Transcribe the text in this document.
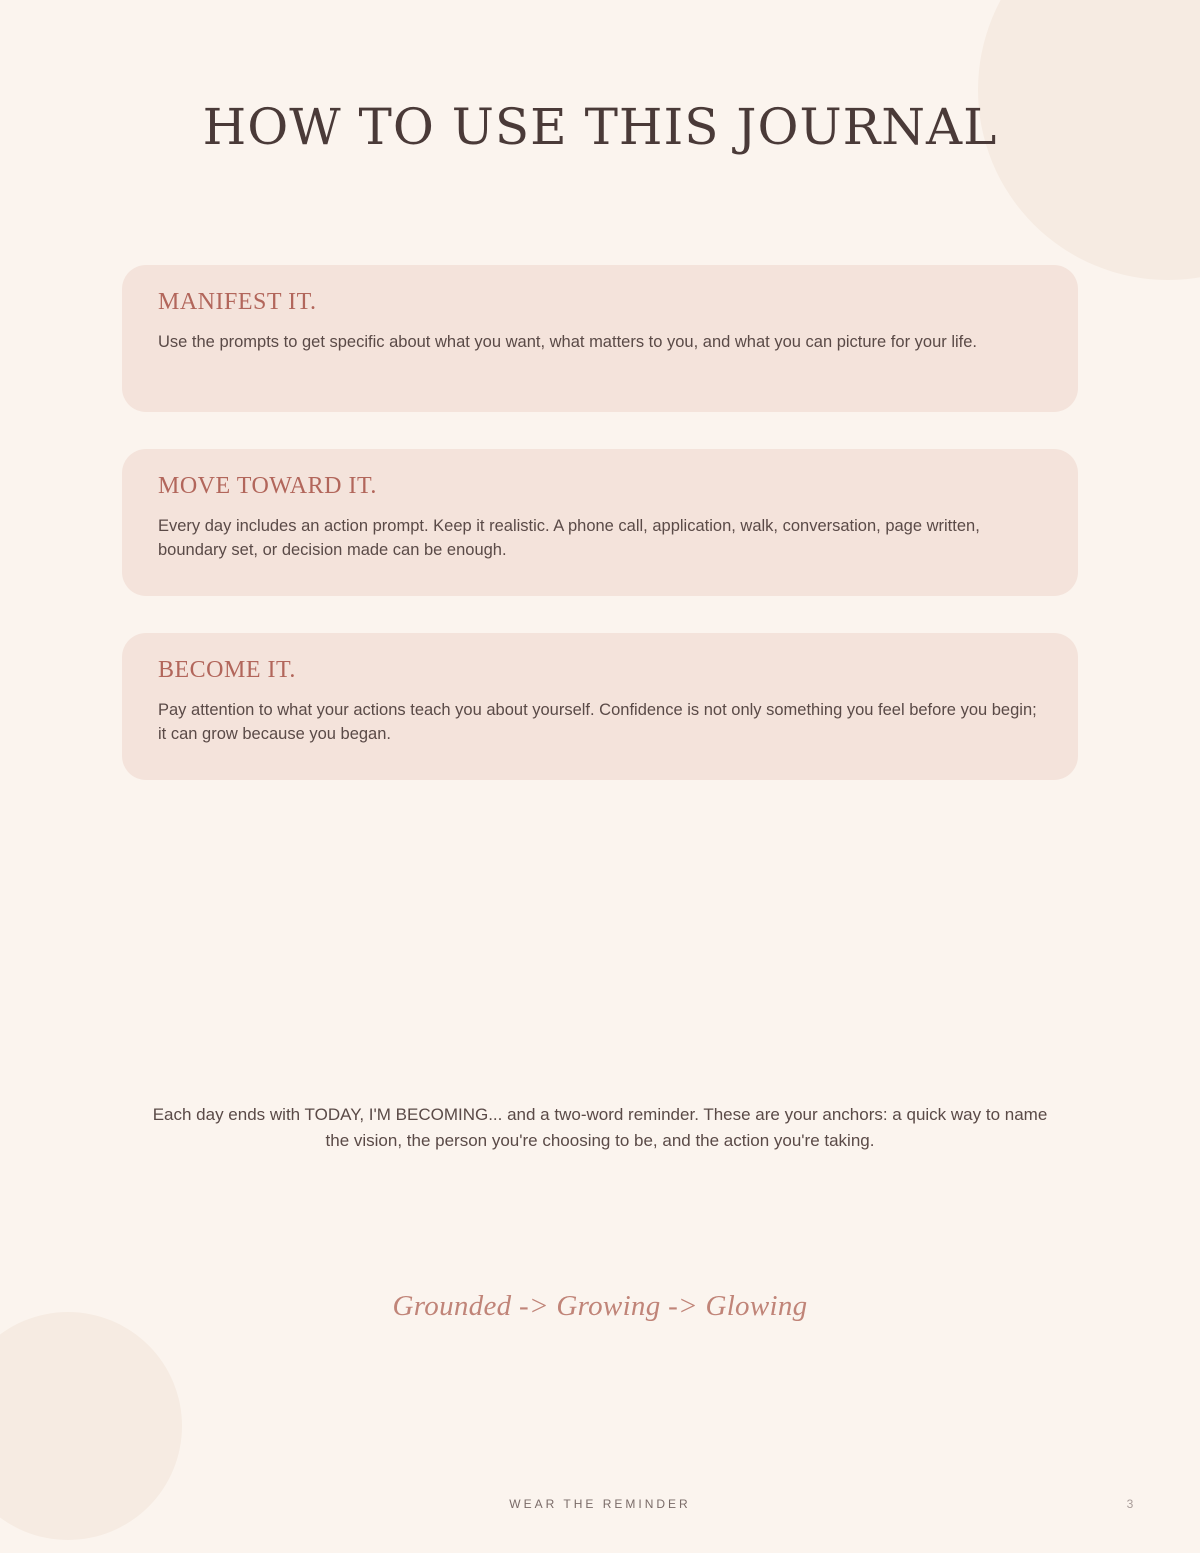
HOW TO USE THIS JOURNAL
MANIFEST IT.

Use the prompts to get specific about what you want, what matters to you, and what you can picture for your life.

MOVE TOWARD IT.

Every day includes an action prompt. Keep it realistic. A phone call, application, walk, conversation, page written, boundary set, or decision made can be enough.

BECOME IT.

Pay attention to what your actions teach you about yourself. Confidence is not only something you feel before you begin; it can grow because you began.

Each day ends with TODAY, I'M BECOMING... and a two-word reminder. These are your anchors: a quick way to name the vision, the person you're choosing to be, and the action you're taking.

Grounded -> Growing -> Glowing

WEAR THE REMINDER	3
